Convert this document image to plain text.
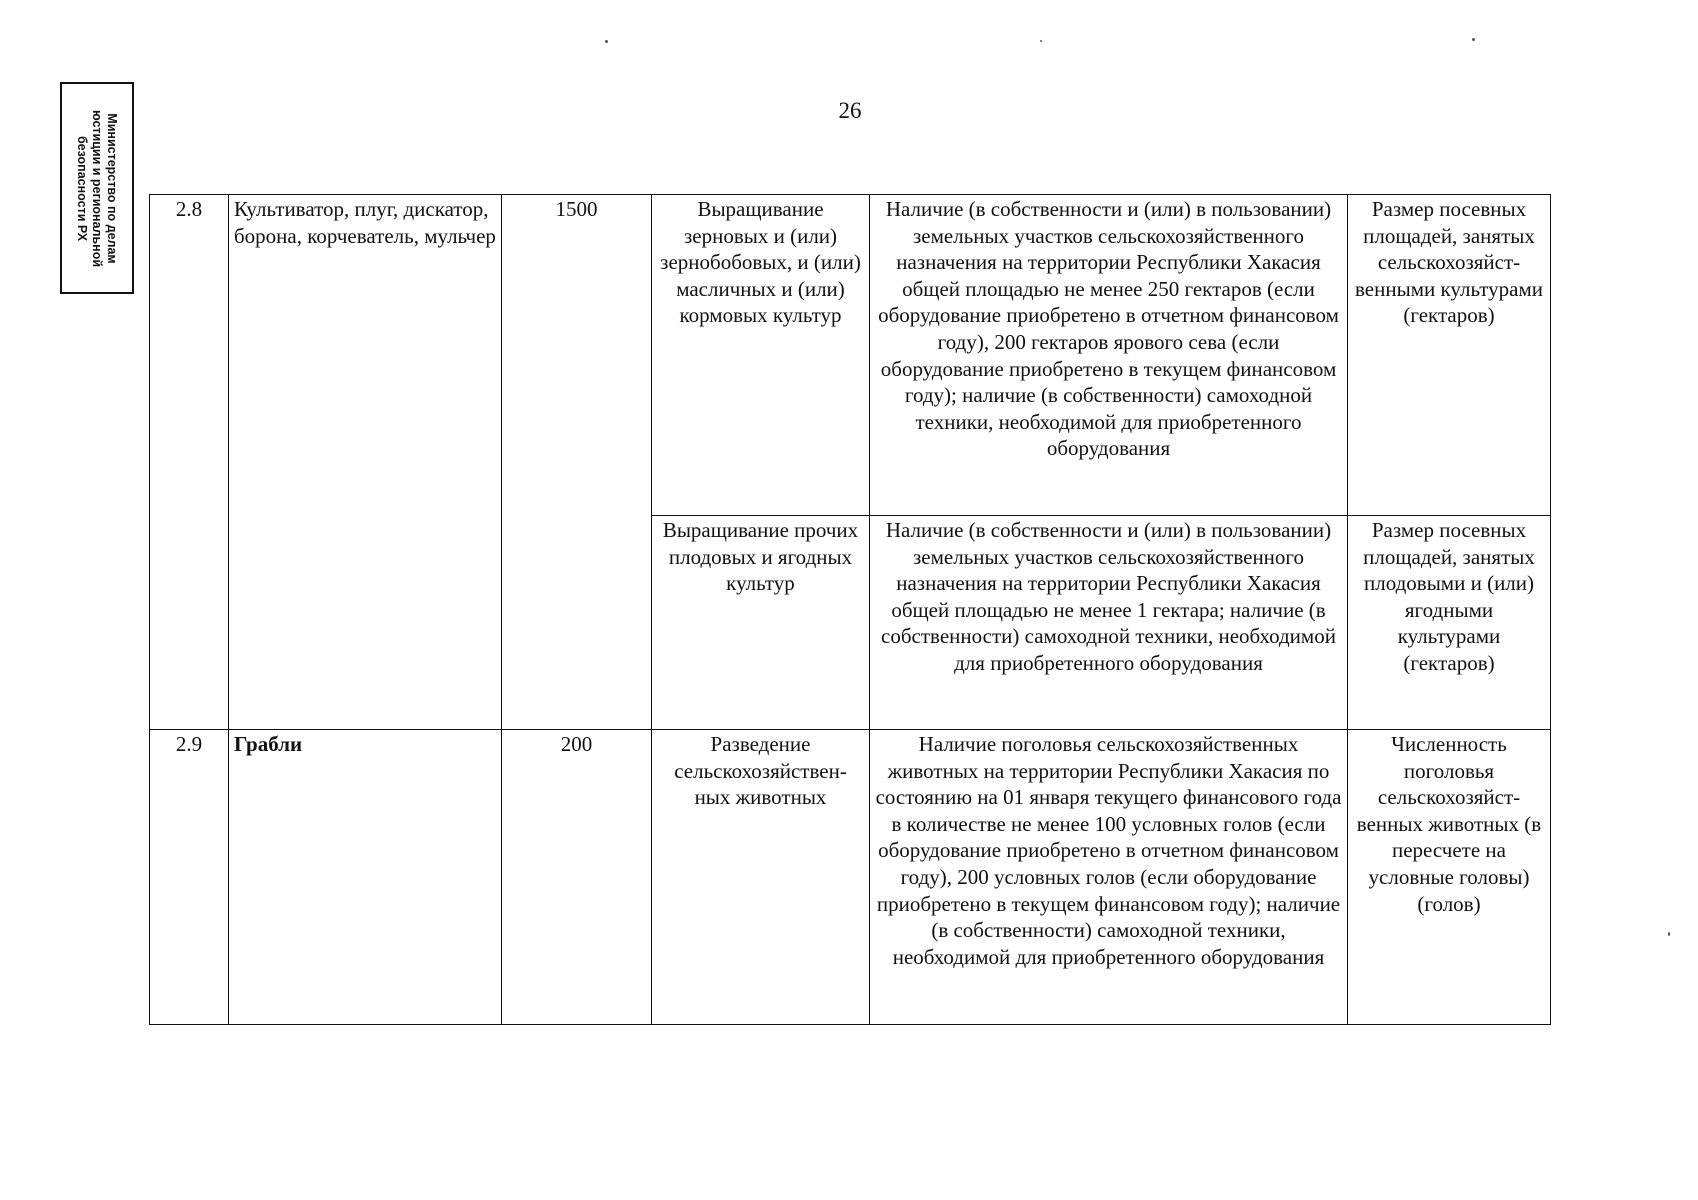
Министерство по делам
юстиции и региональной
безопасности РХ
26
2.8	Культиватор, плуг, дискатор, борона, корчеватель, мульчер	1500	Выращивание зерновых и (или) зернобобовых, и (или) масличных и (или) кормовых культур	Наличие (в собственности и (или) в пользовании) земельных участков сельскохозяйственного назначения на территории Республики Хакасия общей площадью не менее 250 гектаров (если оборудование приобретено в отчетном финансовом году), 200 гектаров ярового сева (если оборудование приобретено в текущем финансовом году); наличие (в собственности) самоходной техники, необходимой для приобретенного оборудования	Размер посевных площадей, занятых сельскохозяйст-венными культурами (гектаров)
			Выращивание прочих плодовых и ягодных культур	Наличие (в собственности и (или) в пользовании) земельных участков сельскохозяйственного назначения на территории Республики Хакасия общей площадью не менее 1 гектара; наличие (в собственности) самоходной техники, необходимой для приобретенного оборудования	Размер посевных площадей, занятых плодовыми и (или) ягодными культурами (гектаров)
2.9	Грабли	200	Разведение сельскохозяйствен-ных животных	Наличие поголовья сельскохозяйственных животных на территории Республики Хакасия по состоянию на 01 января текущего финансового года в количестве не менее 100 условных голов (если оборудование приобретено в отчетном финансовом году), 200 условных голов (если оборудование приобретено в текущем финансовом году); наличие (в собственности) самоходной техники, необходимой для приобретенного оборудования	Численность поголовья сельскохозяйст-венных животных (в пересчете на условные головы) (голов)
